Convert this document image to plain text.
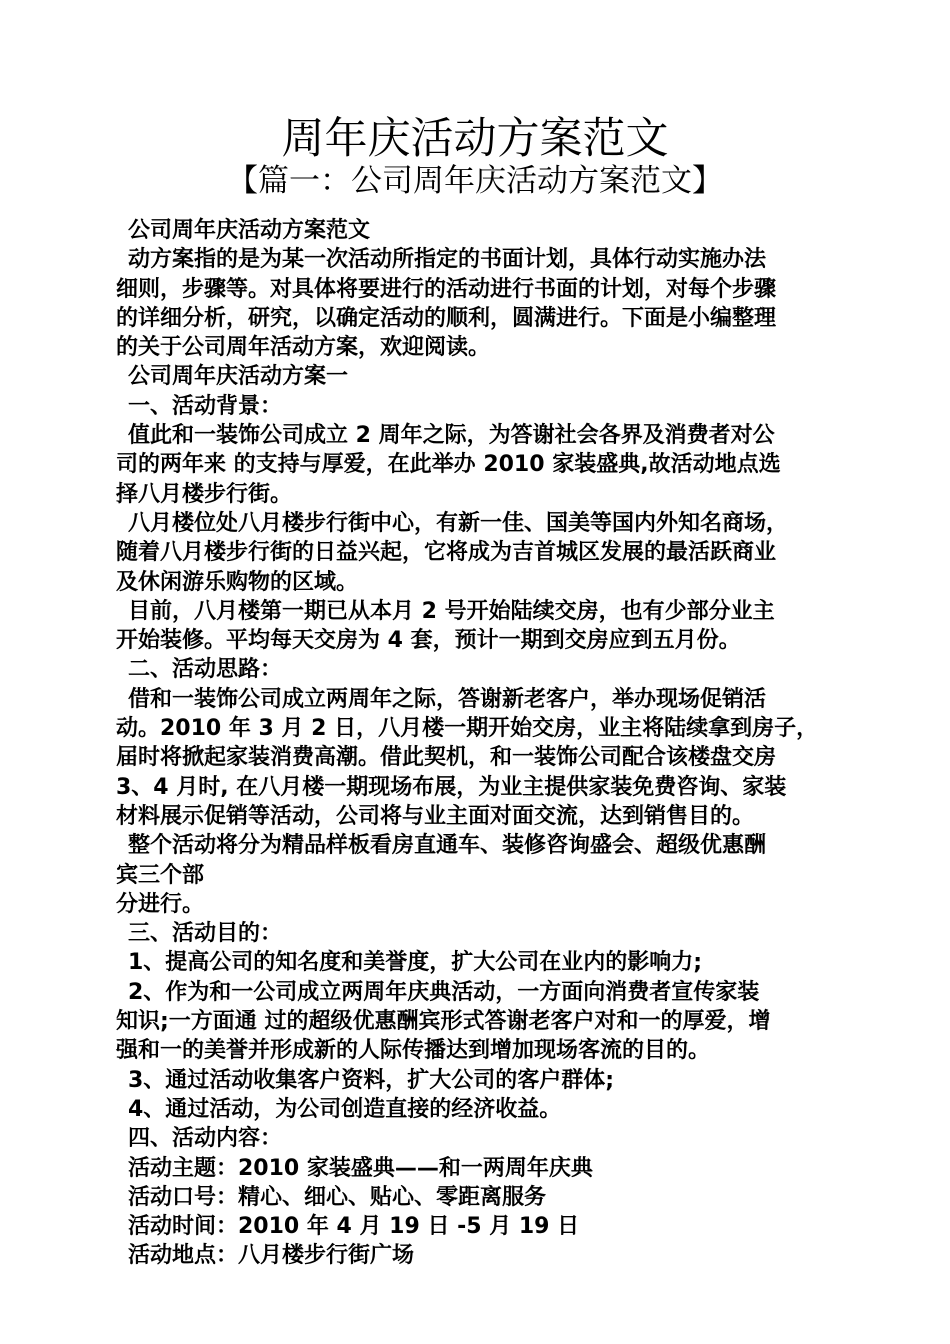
周年庆活动方案范文
【篇一：公司周年庆活动方案范文】
公司周年庆活动方案范文
动方案指的是为某一次活动所指定的书面计划，具体行动实施办法
细则，步骤等。对具体将要进行的活动进行书面的计划，对每个步骤
的详细分析，研究，以确定活动的顺利，圆满进行。下面是小编整理
的关于公司周年活动方案，欢迎阅读。
公司周年庆活动方案一
一、活动背景：
值此和一装饰公司成立 2 周年之际，为答谢社会各界及消费者对公
司的两年来 的支持与厚爱，在此举办 2010 家装盛典,故活动地点选
择八月楼步行街。
八月楼位处八月楼步行街中心，有新一佳、国美等国内外知名商场，
随着八月楼步行街的日益兴起，它将成为吉首城区发展的最活跃商业
及休闲游乐购物的区域。
目前，八月楼第一期已从本月 2 号开始陆续交房，也有少部分业主
开始装修。平均每天交房为 4 套，预计一期到交房应到五月份。
二、活动思路：
借和一装饰公司成立两周年之际，答谢新老客户，举办现场促销活
动。2010 年 3 月 2 日，八月楼一期开始交房，业主将陆续拿到房子，
届时将掀起家装消费高潮。借此契机，和一装饰公司配合该楼盘交房
3、4 月时, 在八月楼一期现场布展，为业主提供家装免费咨询、家装
材料展示促销等活动，公司将与业主面对面交流，达到销售目的。
整个活动将分为精品样板看房直通车、装修咨询盛会、超级优惠酬
宾三个部
分进行。
三、活动目的：
1、提高公司的知名度和美誉度，扩大公司在业内的影响力;
2、作为和一公司成立两周年庆典活动，一方面向消费者宣传家装
知识;一方面通 过的超级优惠酬宾形式答谢老客户对和一的厚爱，增
强和一的美誉并形成新的人际传播达到增加现场客流的目的。
3、通过活动收集客户资料，扩大公司的客户群体;
4、通过活动，为公司创造直接的经济收益。
四、活动内容：
活动主题：2010 家装盛典——和一两周年庆典
活动口号：精心、细心、贴心、零距离服务
活动时间：2010 年 4 月 19 日 -5 月 19 日
活动地点：八月楼步行街广场
